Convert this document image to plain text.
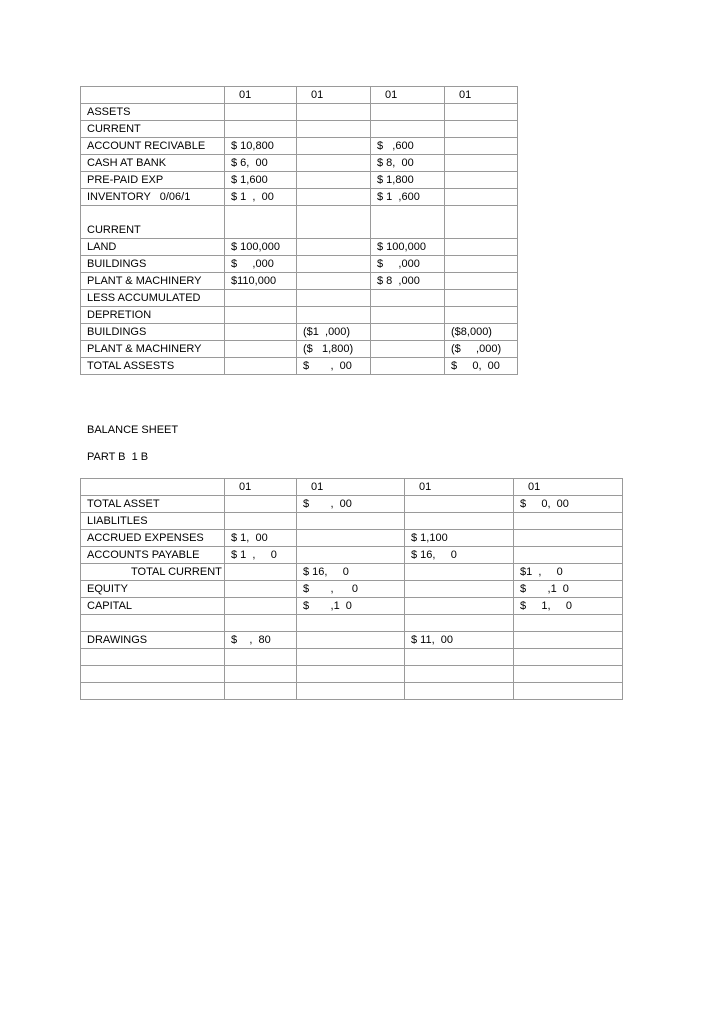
	01	01	01	01
ASSETS				
CURRENT				
ACCOUNT RECIVABLE	$ 10,800		$   ,600	
CASH AT BANK	$ 6,  00		$ 8,  00	
PRE-PAID EXP	$ 1,600		$ 1,800	
INVENTORY   0/06/1	$ 1  ,  00		$ 1  ,600	
CURRENT				
LAND	$ 100,000		$ 100,000	
BUILDINGS	$     ,000		$     ,000	
PLANT & MACHINERY	$110,000		$ 8  ,000	
LESS ACCUMULATED				
DEPRETION				
BUILDINGS		($1  ,000)		($8,000)
PLANT & MACHINERY		($   1,800)		($     ,000)
TOTAL ASSESTS		$       ,  00		$     0,  00
BALANCE SHEET
PART B  1 B
	01	01	01	01
TOTAL ASSET		$       ,  00		$     0,  00
LIABLITLES				
ACCRUED EXPENSES	$ 1,  00		$ 1,100	
ACCOUNTS PAYABLE	$ 1  ,     0		$ 16,     0	
TOTAL CURRENT		$ 16,     0		$1  ,     0
EQUITY		$       ,      0		$       ,1  0
CAPITAL		$       ,1  0		$     1,     0

DRAWINGS	$    ,  80		$ 11,  00	
